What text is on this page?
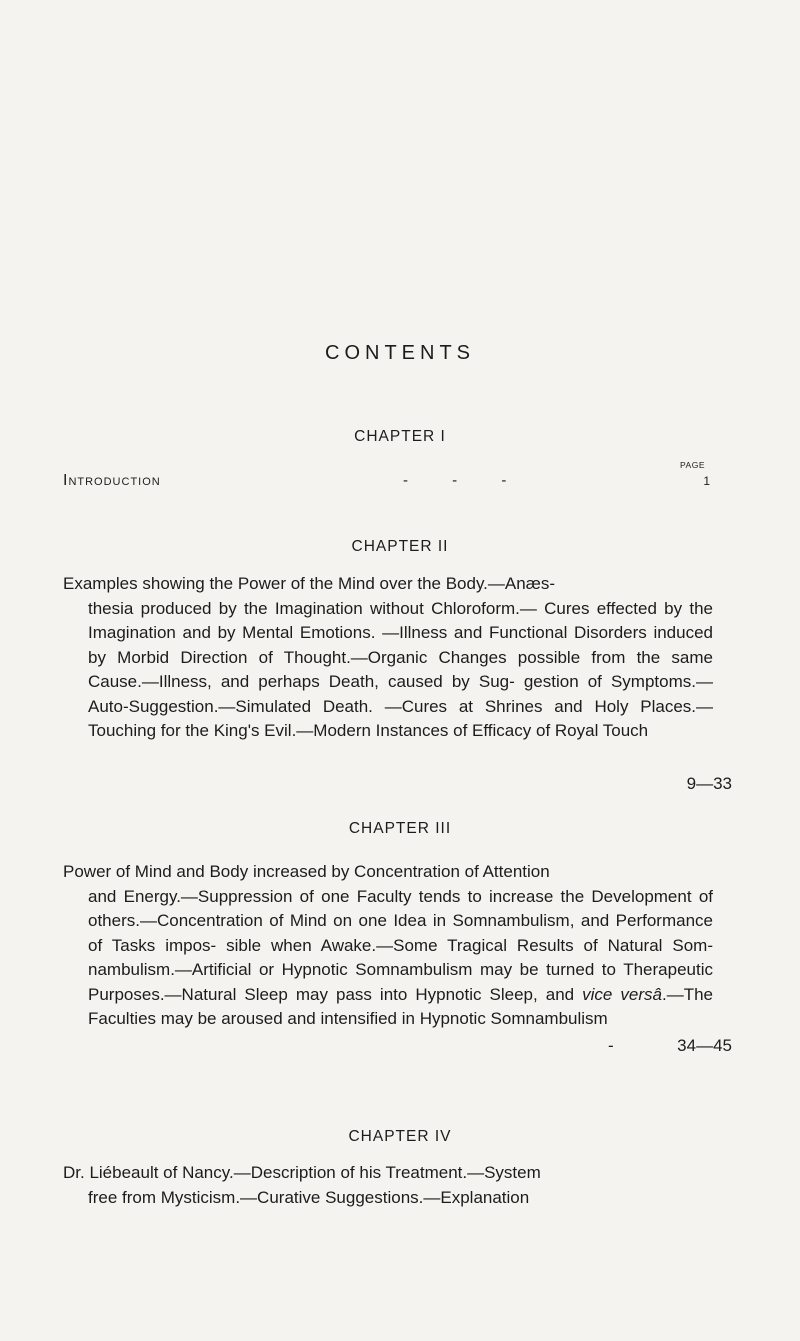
CONTENTS
CHAPTER I
PAGE
Introduction	- - -	1
CHAPTER II
Examples showing the Power of the Mind over the Body.—Anæs-
thesia produced by the Imagination without Chloroform.— Cures effected by the Imagination and by Mental Emotions. —Illness and Functional Disorders induced by Morbid Direction of Thought.—Organic Changes possible from the same Cause.—Illness, and perhaps Death, caused by Sug- gestion of Symptoms.—Auto-Suggestion.—Simulated Death. —Cures at Shrines and Holy Places.—Touching for the King's Evil.—Modern Instances of Efficacy of Royal Touch
9—33
CHAPTER III
Power of Mind and Body increased by Concentration of Attention
and Energy.—Suppression of one Faculty tends to increase the Development of others.—Concentration of Mind on one Idea in Somnambulism, and Performance of Tasks impos- sible when Awake.—Some Tragical Results of Natural Som- nambulism.—Artificial or Hypnotic Somnambulism may be turned to Therapeutic Purposes.—Natural Sleep may pass into Hypnotic Sleep, and vice versâ.—The Faculties may be aroused and intensified in Hypnotic Somnambulism
-	34—45
CHAPTER IV
Dr. Liébeault of Nancy.—Description of his Treatment.—System
free from Mysticism.—Curative Suggestions.—Explanation
